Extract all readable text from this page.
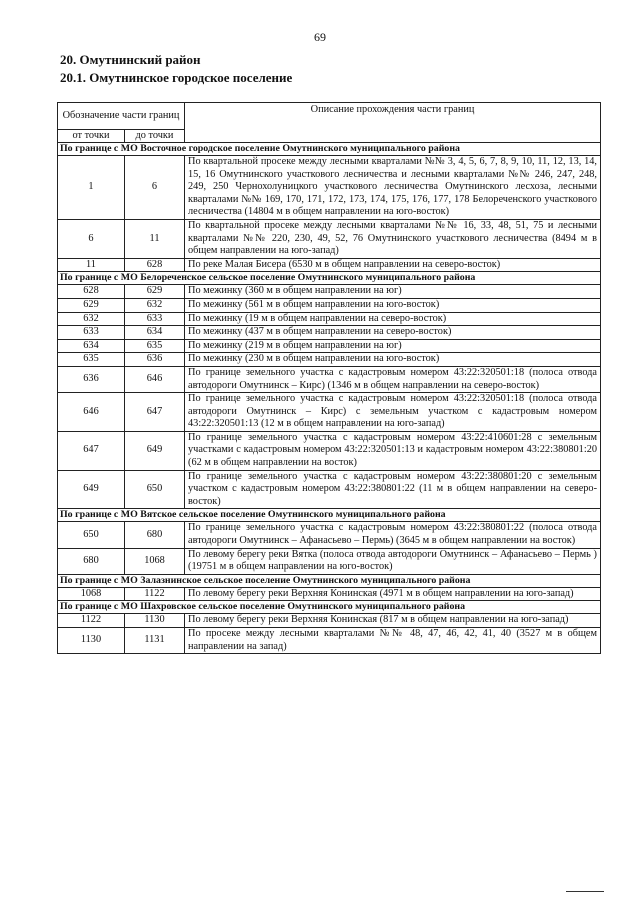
69
20. Омутнинский район
20.1. Омутнинское городское поселение
Обозначение части границ		Описание прохождения части границ
от точки	до точки	
По границе с МО Восточное городское поселение Омутнинского муниципального района		
1	6	По квартальной просеке между лесными кварталами №№ 3, 4, 5, 6, 7, 8, 9, 10, 11, 12, 13, 14, 15, 16 Омутнинского участкового лесничества и лесными кварталами №№ 246, 247, 248, 249, 250 Чернохолуницкого участкового лесничества Омутнинского лесхоза, лесными кварталами №№ 169, 170, 171, 172, 173, 174, 175, 176, 177, 178 Белореченского участкового лесничества (14804 м в общем направлении на юго-восток)
6	11	По квартальной просеке между лесными кварталами №№ 16, 33, 48, 51, 75 и лесными кварталами №№ 220, 230, 49, 52, 76 Омутнинского участкового лесничества (8494 м в общем направлении на юго-запад)
11	628	По реке Малая Бисера (6530 м в общем направлении на северо-восток)
По границе с МО Белореченское сельское поселение Омутнинского муниципального района		
628	629	По межинку (360 м в общем направлении на юг)
629	632	По межинку (561 м в общем направлении на юго-восток)
632	633	По межинку (19 м в общем направлении на северо-восток)
633	634	По межинку (437 м в общем направлении на северо-восток)
634	635	По межинку (219 м в общем направлении на юг)
635	636	По межинку (230 м в общем направлении на юго-восток)
636	646	По границе земельного участка с кадастровым номером 43:22:320501:18 (полоса отвода автодороги Омутнинск – Кирс) (1346 м в общем направлении на северо-восток)
646	647	По границе земельного участка с кадастровым номером 43:22:320501:18 (полоса отвода автодороги Омутнинск – Кирс) с земельным участком с кадастровым номером 43:22:320501:13 (12 м в общем направлении на юго-запад)
647	649	По границе земельного участка с кадастровым номером 43:22:410601:28 с земельным участками с кадастровым номером 43:22:320501:13 и кадастровым номером 43:22:380801:20 (62 м в общем направлении на восток)
649	650	По границе земельного участка с кадастровым номером 43:22:380801:20 с земельным участком с кадастровым номером 43:22:380801:22 (11 м в общем направлении на северо-восток)
По границе с МО Вятское сельское поселение Омутнинского муниципального района		
650	680	По границе земельного участка с кадастровым номером 43:22:380801:22 (полоса отвода автодороги Омутнинск – Афанасьево – Пермь) (3645 м в общем направлении на восток)
680	1068	По левому берегу реки Вятка (полоса отвода автодороги Омутнинск – Афанасьево – Пермь ) (19751 м в общем направлении на юго-восток)
По границе с МО Залазнинское сельское поселение Омутнинского муниципального района		
1068	1122	По левому берегу реки Верхняя Конинская (4971 м в общем направлении на юго-запад)
По границе с МО Шахровское сельское поселение Омутнинского муниципального района		
1122	1130	По левому берегу реки Верхняя Конинская (817 м в общем направлении на юго-запад)
1130	1131	По просеке между лесными кварталами №№ 48, 47, 46, 42, 41, 40 (3527 м в общем направлении на запад)
